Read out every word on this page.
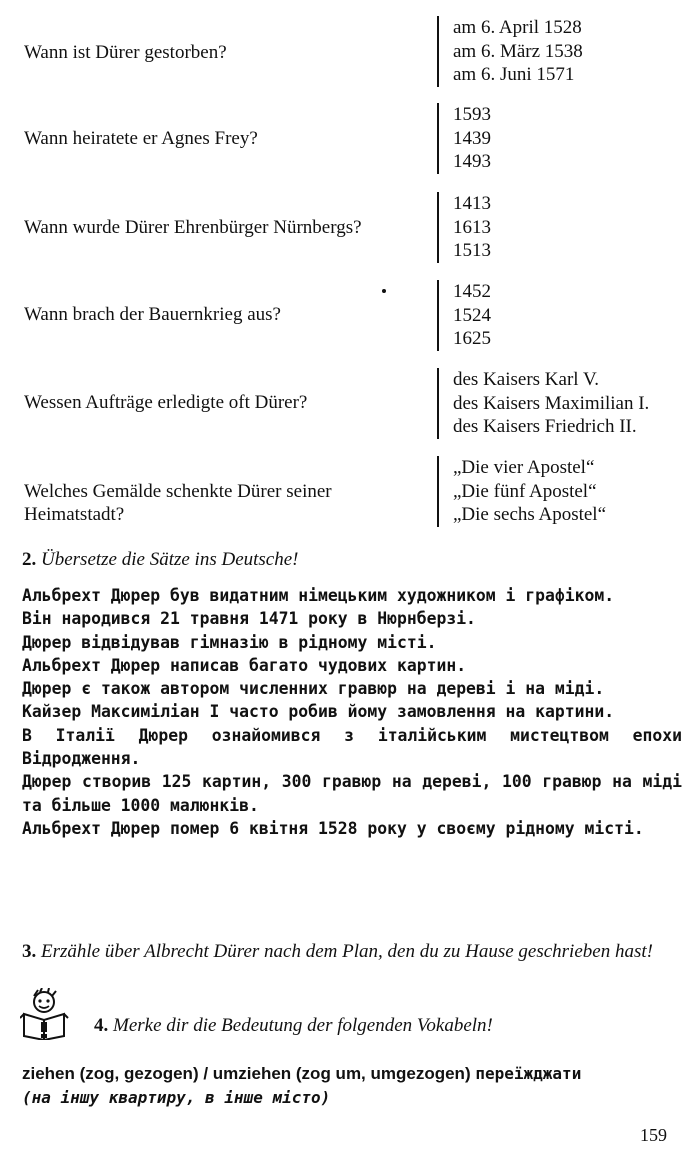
Wann ist Dürer gestorben?
am 6. April 1528
am 6. März 1538
am 6. Juni 1571
Wann heiratete er Agnes Frey?
1593
1439
1493
Wann wurde Dürer Ehrenbürger Nürnbergs?
1413
1613
1513
Wann brach der Bauernkrieg aus?
1452
1524
1625
Wessen Aufträge erledigte oft Dürer?
des Kaisers Karl V.
des Kaisers Maximilian I.
des Kaisers Friedrich II.
Welches Gemälde schenkte Dürer seiner Heimatstadt?
„Die vier Apostel“
„Die fünf Apostel“
„Die sechs Apostel“
2. Übersetze die Sätze ins Deutsche!

Альбрехт Дюрер був видатним німецьким художником і графіком.

Він народився 21 травня 1471 року в Нюрнберзі.

Дюрер відвідував гімназію в рідному місті.

Альбрехт Дюрер написав багато чудових картин.

Дюрер є також автором численних гравюр на дереві і на міді.

Кайзер Максиміліан I часто робив йому замовлення на картини.

В Італії Дюрер ознайомився з італійським мистецтвом епохи Відродження.

Дюрер створив 125 картин, 300 гравюр на дереві, 100 гравюр на міді та більше 1000 малюнків.

Альбрехт Дюрер помер 6 квітня 1528 року у своєму рідному місті.

3. Erzähle über Albrecht Dürer nach dem Plan, den du zu Hause geschrieben hast!
4. Merke dir die Bedeutung der folgenden Vokabeln!
ziehen (zog, gezogen) / umziehen (zog um, umgezogen) переїжджати
(на іншу квартиру, в інше місто)
159
